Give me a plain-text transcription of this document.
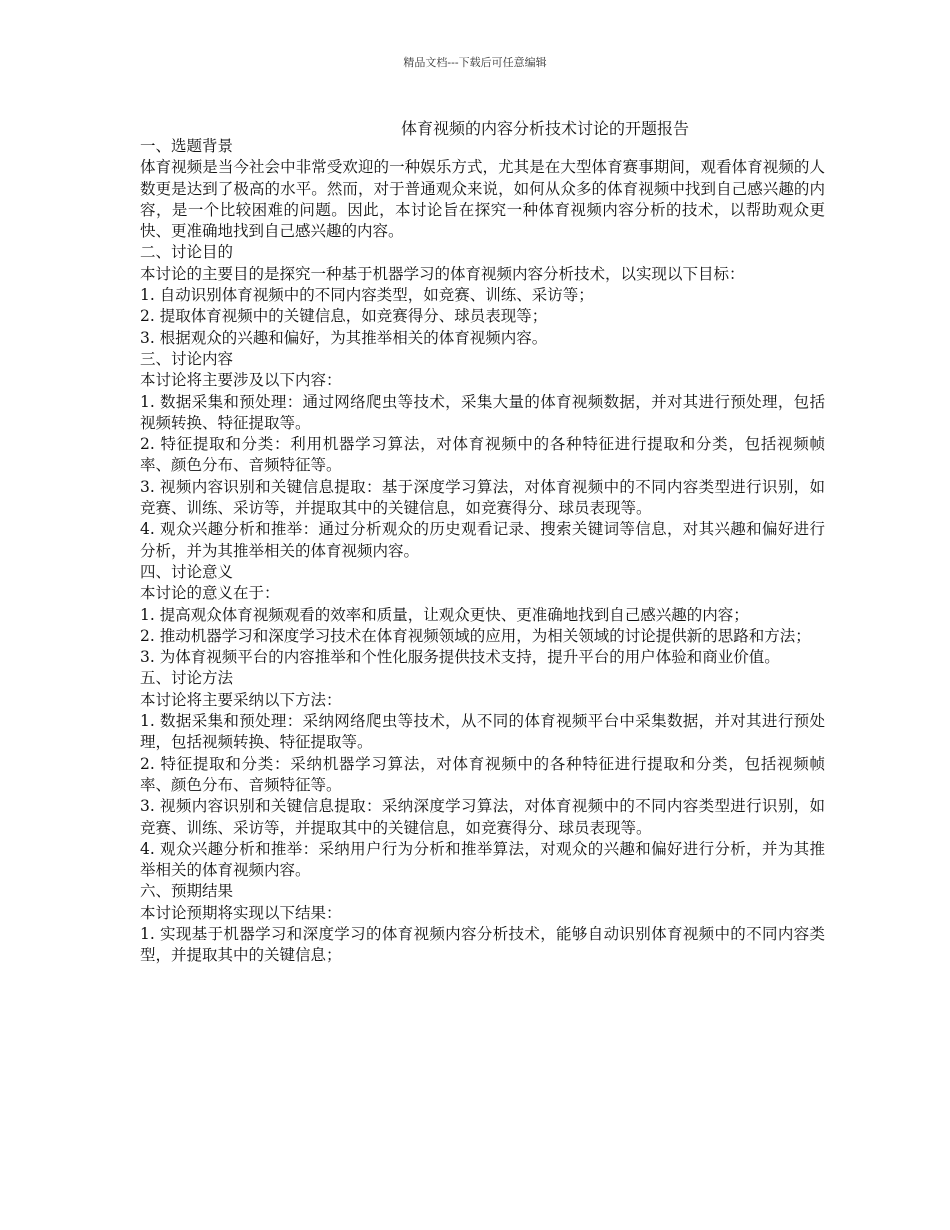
精品文档---下载后可任意编辑
体育视频的内容分析技术讨论的开题报告

一、选题背景

体育视频是当今社会中非常受欢迎的一种娱乐方式，尤其是在大型体育赛事期间，观看体育视频的人数更是达到了极高的水平。然而，对于普通观众来说，如何从众多的体育视频中找到自己感兴趣的内容，是一个比较困难的问题。因此，本讨论旨在探究一种体育视频内容分析的技术，以帮助观众更快、更准确地找到自己感兴趣的内容。

二、讨论目的

本讨论的主要目的是探究一种基于机器学习的体育视频内容分析技术，以实现以下目标：

1. 自动识别体育视频中的不同内容类型，如竞赛、训练、采访等；

2. 提取体育视频中的关键信息，如竞赛得分、球员表现等；

3. 根据观众的兴趣和偏好，为其推举相关的体育视频内容。

三、讨论内容

本讨论将主要涉及以下内容：

1. 数据采集和预处理：通过网络爬虫等技术，采集大量的体育视频数据，并对其进行预处理，包括视频转换、特征提取等。

2. 特征提取和分类：利用机器学习算法，对体育视频中的各种特征进行提取和分类，包括视频帧率、颜色分布、音频特征等。

3. 视频内容识别和关键信息提取：基于深度学习算法，对体育视频中的不同内容类型进行识别，如竞赛、训练、采访等，并提取其中的关键信息，如竞赛得分、球员表现等。

4. 观众兴趣分析和推举：通过分析观众的历史观看记录、搜索关键词等信息，对其兴趣和偏好进行分析，并为其推举相关的体育视频内容。

四、讨论意义

本讨论的意义在于：

1. 提高观众体育视频观看的效率和质量，让观众更快、更准确地找到自己感兴趣的内容；

2. 推动机器学习和深度学习技术在体育视频领域的应用，为相关领域的讨论提供新的思路和方法；

3. 为体育视频平台的内容推举和个性化服务提供技术支持，提升平台的用户体验和商业价值。

五、讨论方法

本讨论将主要采纳以下方法：

1. 数据采集和预处理：采纳网络爬虫等技术，从不同的体育视频平台中采集数据，并对其进行预处理，包括视频转换、特征提取等。

2. 特征提取和分类：采纳机器学习算法，对体育视频中的各种特征进行提取和分类，包括视频帧率、颜色分布、音频特征等。

3. 视频内容识别和关键信息提取：采纳深度学习算法，对体育视频中的不同内容类型进行识别，如竞赛、训练、采访等，并提取其中的关键信息，如竞赛得分、球员表现等。

4. 观众兴趣分析和推举：采纳用户行为分析和推举算法，对观众的兴趣和偏好进行分析，并为其推举相关的体育视频内容。

六、预期结果

本讨论预期将实现以下结果：

1. 实现基于机器学习和深度学习的体育视频内容分析技术，能够自动识别体育视频中的不同内容类型，并提取其中的关键信息；
